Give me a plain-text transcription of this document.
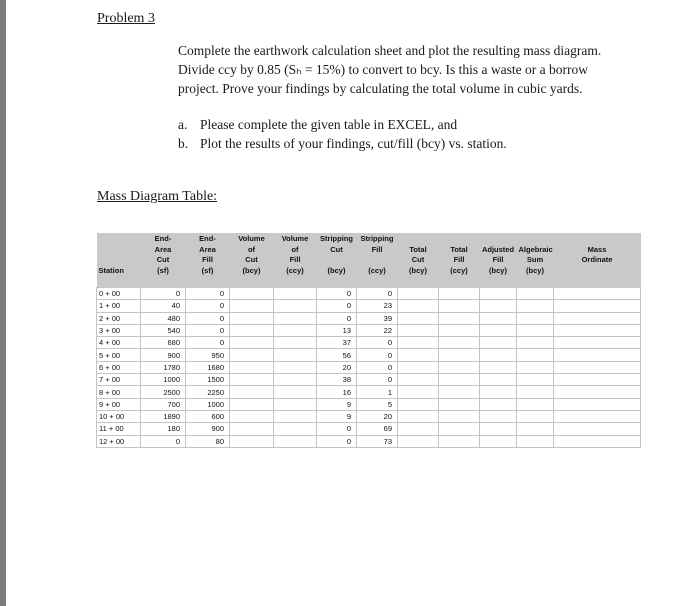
Problem 3

Complete the earthwork calculation sheet and plot the resulting mass diagram.

Divide ccy by 0.85 (Sₕ = 15%) to convert to bcy. Is this a waste or a borrow

project. Prove your findings by calculating the total volume in cubic yards.

a. Please complete the given table in EXCEL, and
b. Plot the results of your findings, cut/fill (bcy) vs. station.
Mass Diagram Table:
Station	End-
Area
Cut
(sf)	End-
Area
Fill
(sf)	Volume
of
Cut
(bcy)	Volume
of
Fill
(ccy)	Stripping
Cut
(bcy)	Stripping
Fill
(ccy)	Total
Cut
(bcy)	Total
Fill
(ccy)	Adjusted
Fill
(bcy)	Algebraic
Sum
(bcy)	Mass
Ordinate

0 + 00	0	0			0	0					
1 + 00	40	0			0	23					
2 + 00	480	0			0	39					
3 + 00	540	0			13	22					
4 + 00	680	0			37	0					
5 + 00	900	950			56	0					
6 + 00	1780	1680			20	0					
7 + 00	1000	1500			38	0					
8 + 00	2500	2250			16	1					
9 + 00	700	1000			9	5					
10 + 00	1890	600			9	20					
11 + 00	180	900			0	69					
12 + 00	0	80			0	73					
